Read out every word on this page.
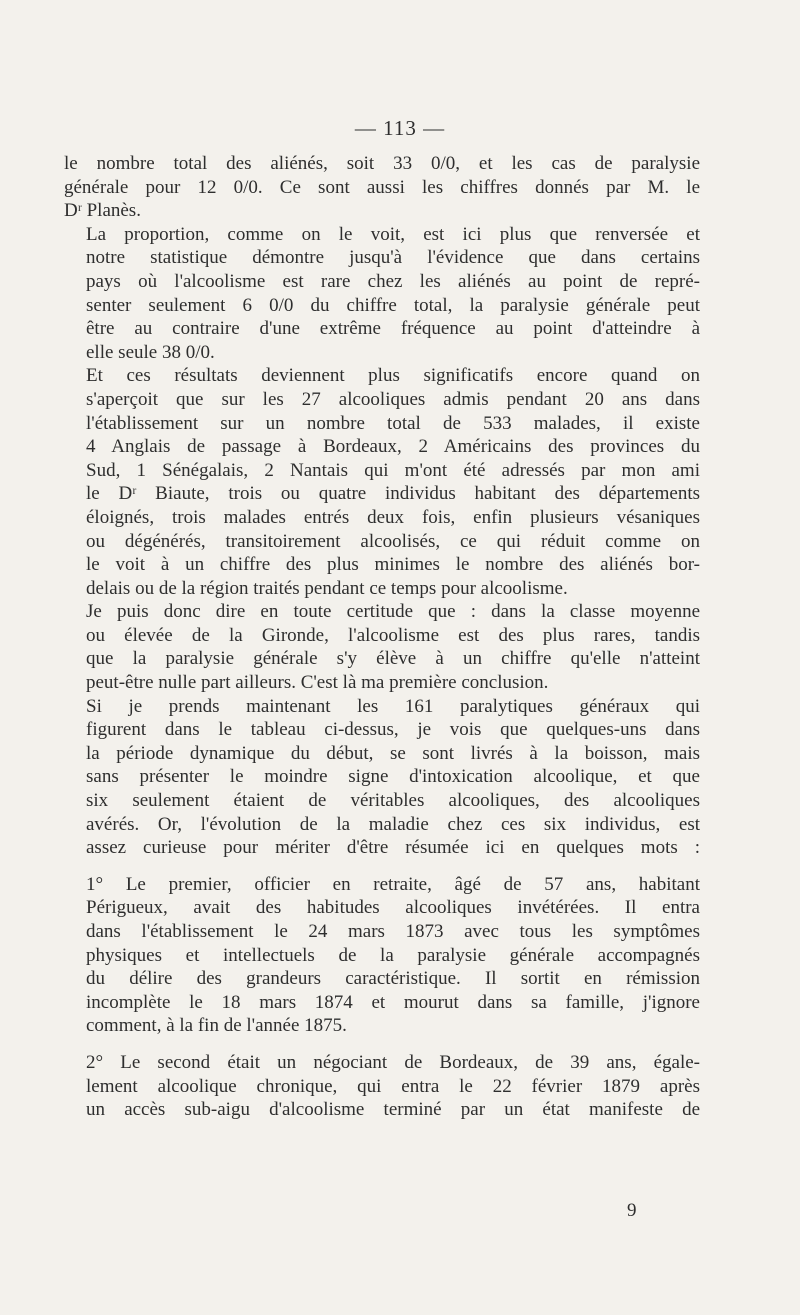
— 113 —

le nombre total des aliénés, soit 33 0/0, et les cas de paralysie
générale pour 12 0/0. Ce sont aussi les chiffres donnés par M. le
Dʳ Planès.

La proportion, comme on le voit, est ici plus que renversée et
notre statistique démontre jusqu'à l'évidence que dans certains
pays où l'alcoolisme est rare chez les aliénés au point de repré-
senter seulement 6 0/0 du chiffre total, la paralysie générale peut
être au contraire d'une extrême fréquence au point d'atteindre à
elle seule 38 0/0.

Et ces résultats deviennent plus significatifs encore quand on
s'aperçoit que sur les 27 alcooliques admis pendant 20 ans dans
l'établissement sur un nombre total de 533 malades, il existe
4 Anglais de passage à Bordeaux, 2 Américains des provinces du
Sud, 1 Sénégalais, 2 Nantais qui m'ont été adressés par mon ami
le Dʳ Biaute, trois ou quatre individus habitant des départements
éloignés, trois malades entrés deux fois, enfin plusieurs vésaniques
ou dégénérés, transitoirement alcoolisés, ce qui réduit comme on
le voit à un chiffre des plus minimes le nombre des aliénés bor-
delais ou de la région traités pendant ce temps pour alcoolisme.

Je puis donc dire en toute certitude que : dans la classe moyenne
ou élevée de la Gironde, l'alcoolisme est des plus rares, tandis
que la paralysie générale s'y élève à un chiffre qu'elle n'atteint
peut-être nulle part ailleurs. C'est là ma première conclusion.

Si je prends maintenant les 161 paralytiques généraux qui
figurent dans le tableau ci-dessus, je vois que quelques-uns dans
la période dynamique du début, se sont livrés à la boisson, mais
sans présenter le moindre signe d'intoxication alcoolique, et que
six seulement étaient de véritables alcooliques, des alcooliques
avérés. Or, l'évolution de la maladie chez ces six individus, est
assez curieuse pour mériter d'être résumée ici en quelques mots :

1° Le premier, officier en retraite, âgé de 57 ans, habitant
Périgueux, avait des habitudes alcooliques invétérées. Il entra
dans l'établissement le 24 mars 1873 avec tous les symptômes
physiques et intellectuels de la paralysie générale accompagnés
du délire des grandeurs caractéristique. Il sortit en rémission
incomplète le 18 mars 1874 et mourut dans sa famille, j'ignore
comment, à la fin de l'année 1875.

2° Le second était un négociant de Bordeaux, de 39 ans, égale-
lement alcoolique chronique, qui entra le 22 février 1879 après
un accès sub-aigu d'alcoolisme terminé par un état manifeste de

9
